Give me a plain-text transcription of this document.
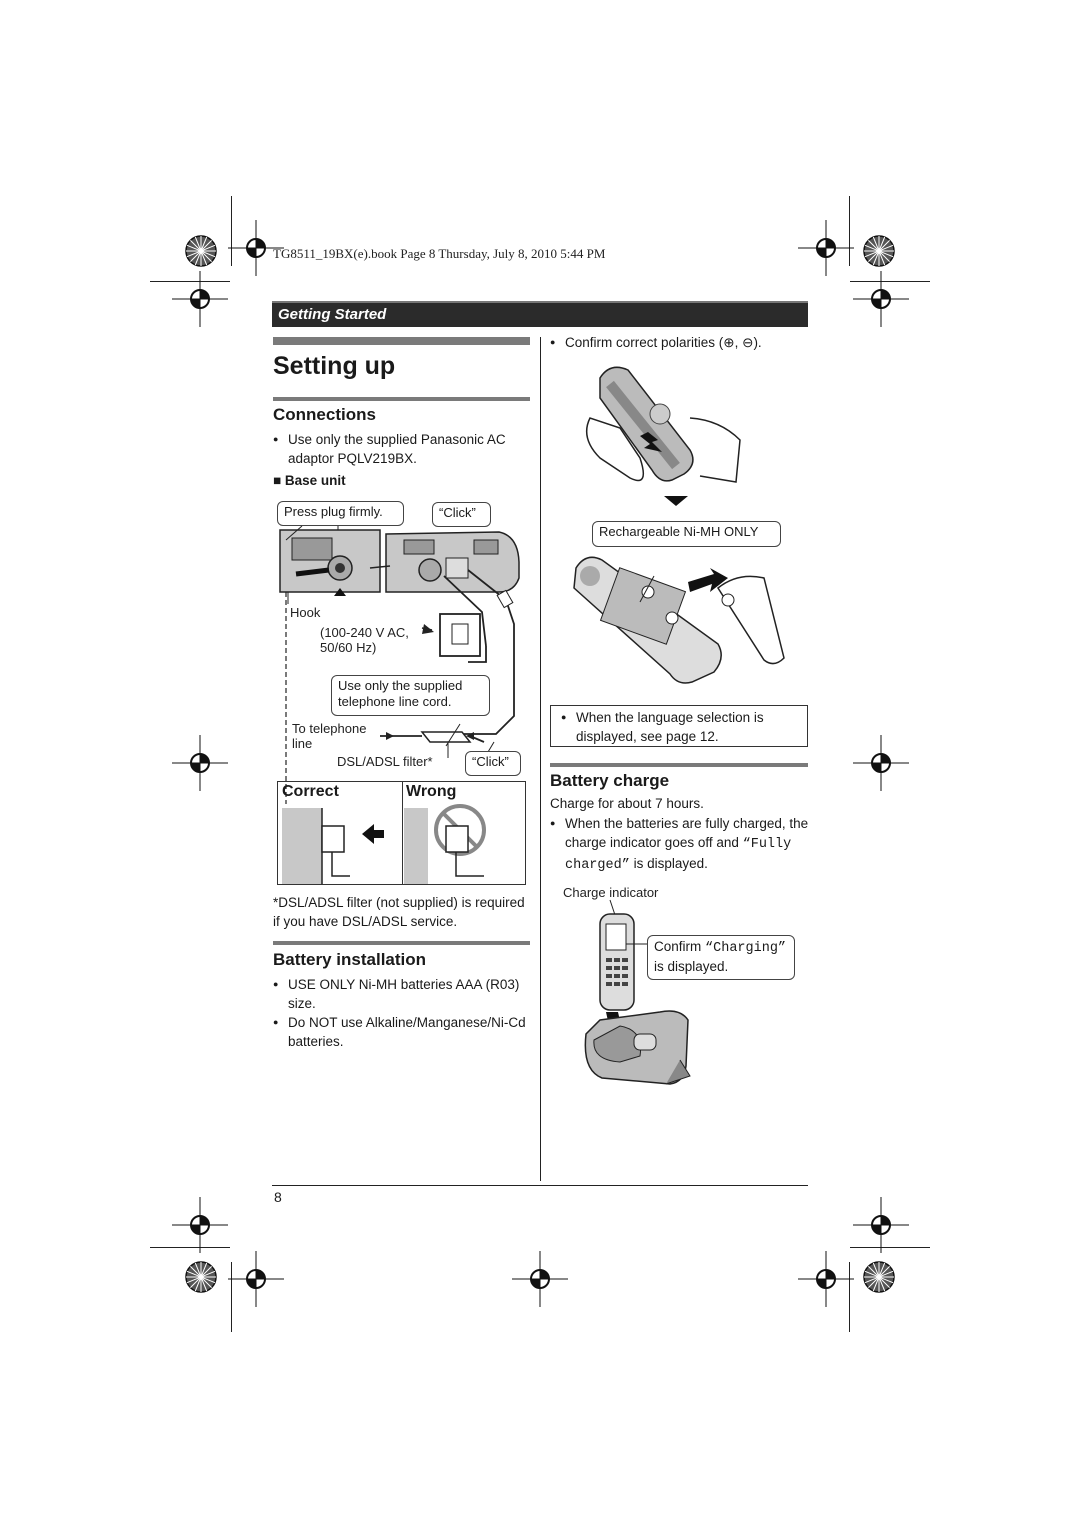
TG8511_19BX(e).book Page 8 Thursday, July 8, 2010 5:44 PM
Getting Started
Setting up
Connections
● Use only the supplied Panasonic AC adaptor PQLV219BX.
■ Base unit
Press plug firmly.	“Click”
Hook
(100-240 V AC, 50/60 Hz)
Use only the supplied telephone line cord.
To telephone line
DSL/ADSL filter*	“Click”
Correct	Wrong
*DSL/ADSL filter (not supplied) is required if you have DSL/ADSL service.
Battery installation
● USE ONLY Ni-MH batteries AAA (R03) size.
● Do NOT use Alkaline/Manganese/Ni-Cd batteries.
● Confirm correct polarities (⊕, ⊖).
Rechargeable Ni-MH ONLY
● When the language selection is displayed, see page 12.
Battery charge
Charge for about 7 hours.
● When the batteries are fully charged, the charge indicator goes off and “Fully charged” is displayed.
Charge indicator
Confirm “Charging” is displayed.
8
